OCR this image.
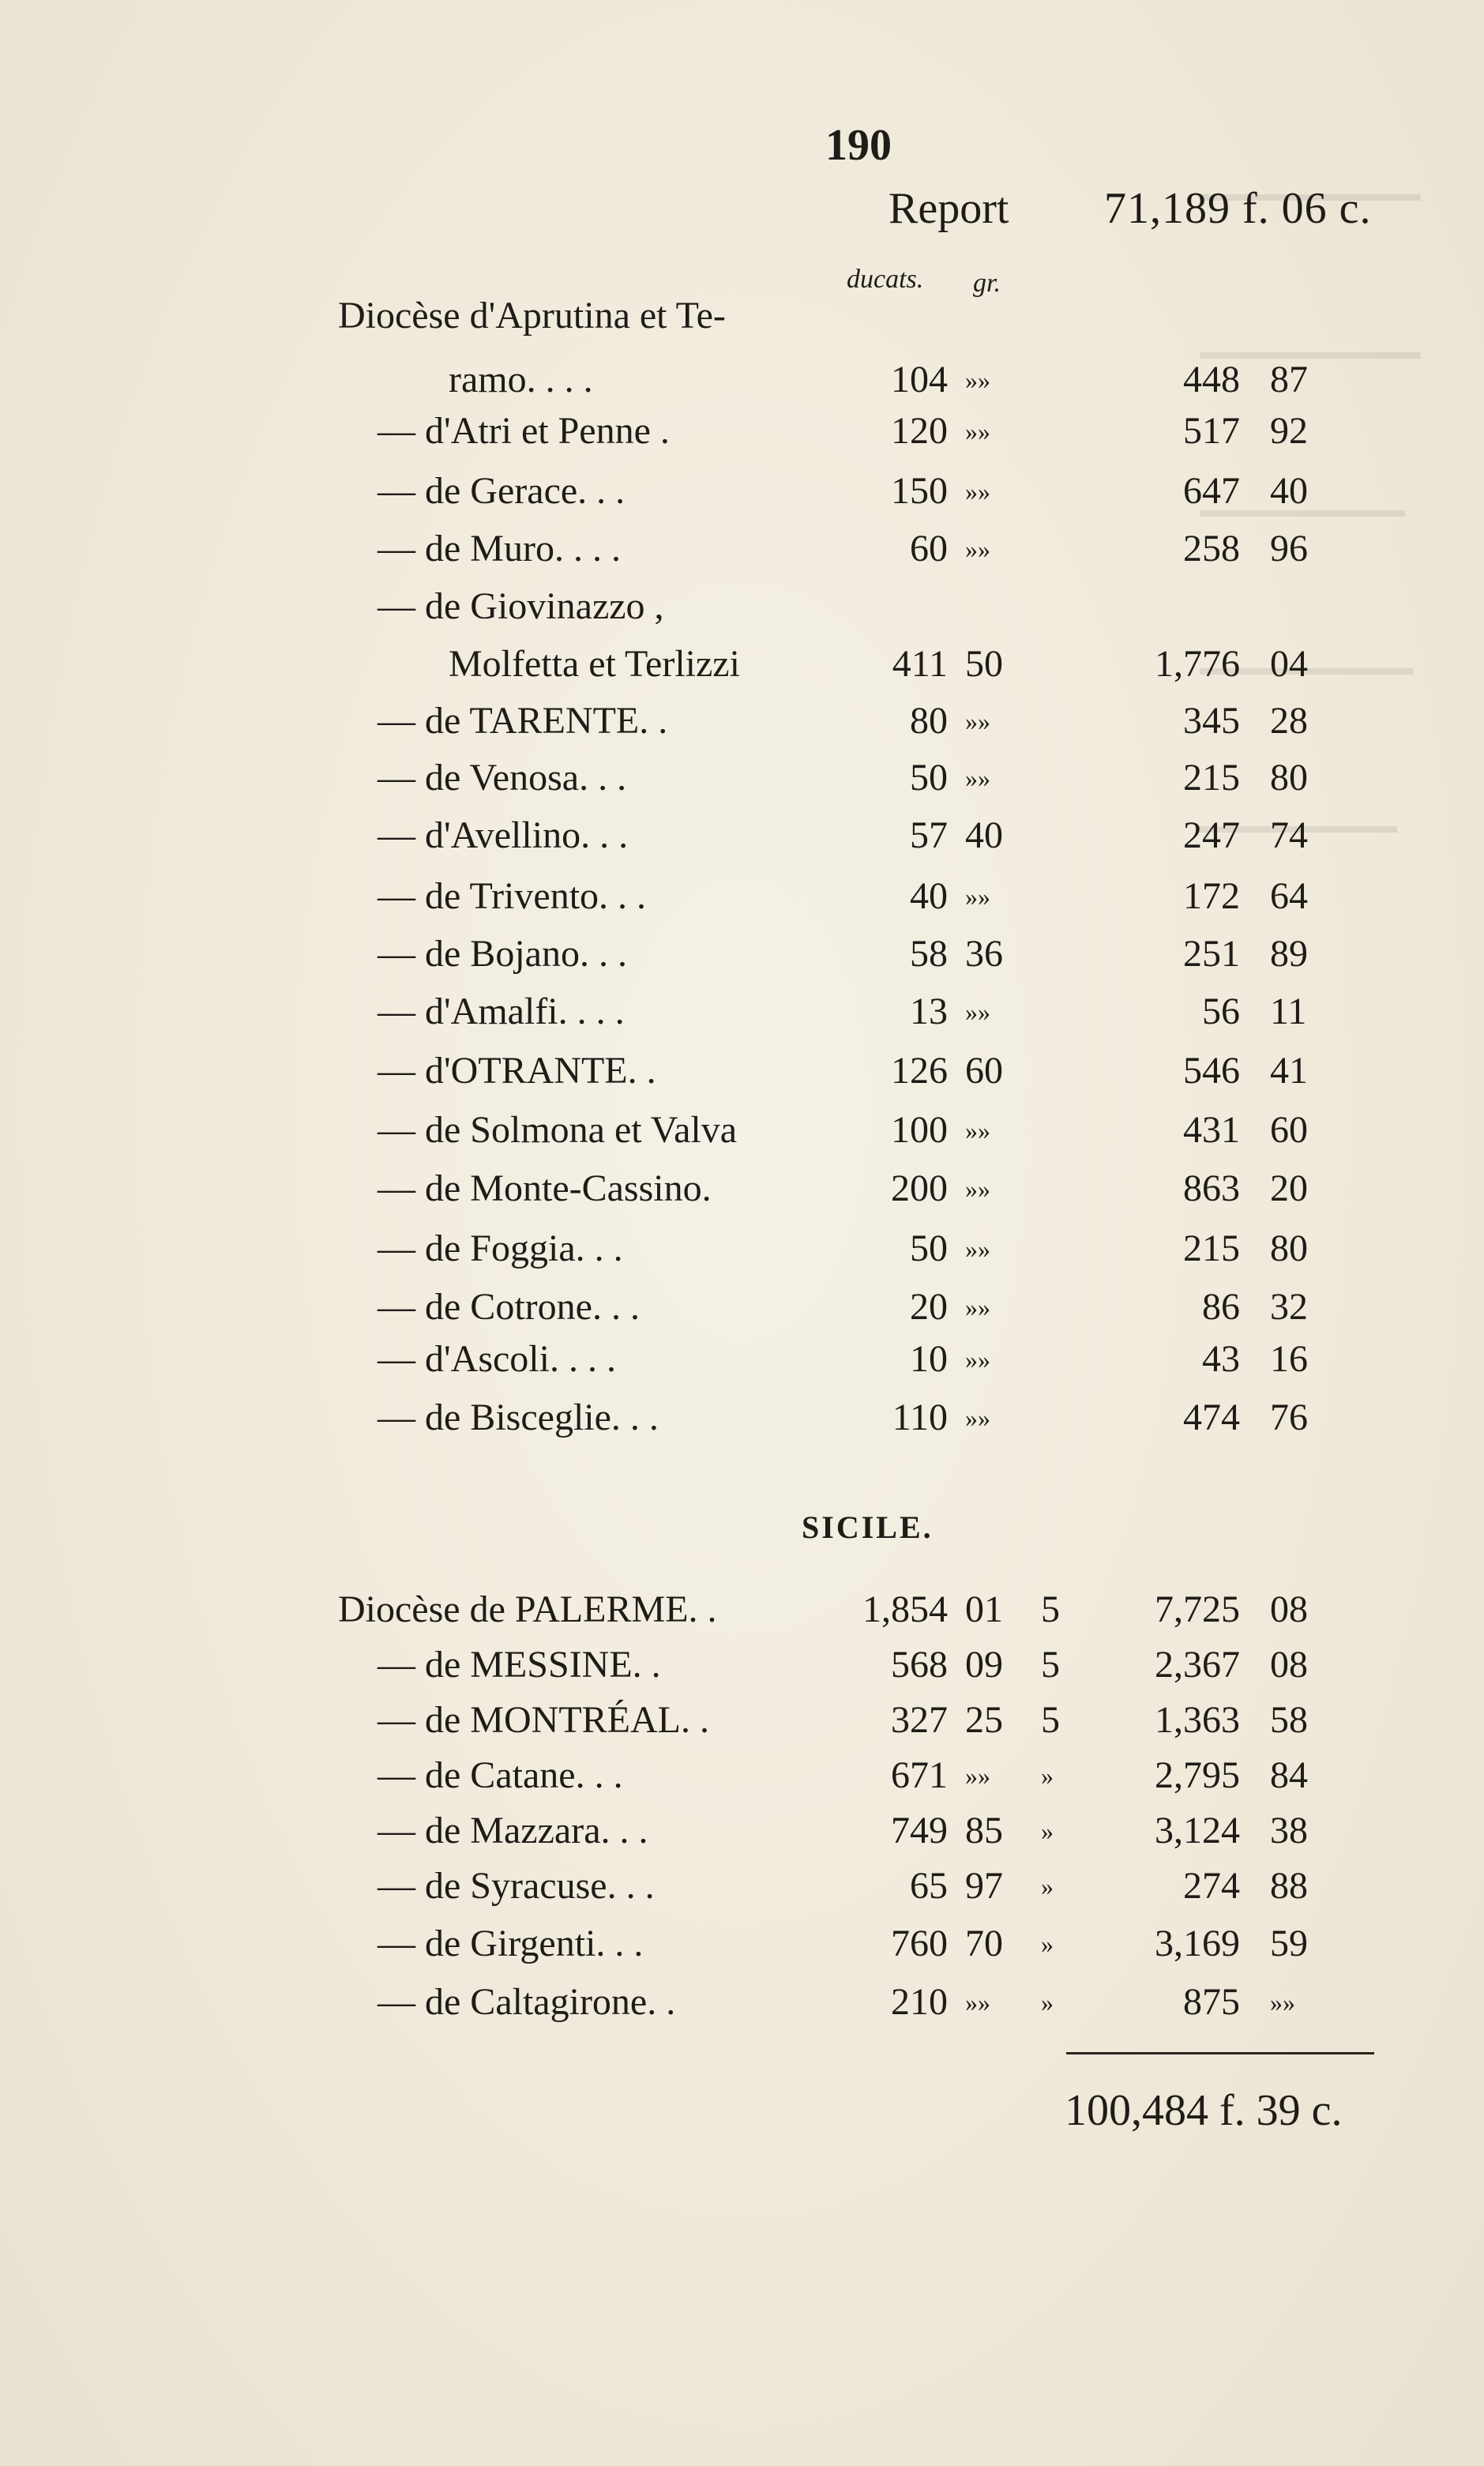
190
Report 71,189 f. 06 c.
ducats. gr.
Diocèse d'Aprutina et Te-
ramo. . . .	104 »»	448 87
— d'Atri et Penne .	120 »»	517 92
— de Gerace. . .	150 »»	647 40
— de Muro. . . .	60 »»	258 96
— de Giovinazzo ,
Molfetta et Terlizzi	411 50	1,776 04
— de TARENTE. .	80 »»	345 28
— de Venosa. . .	50 »»	215 80
— d'Avellino. . .	57 40	247 74
— de Trivento. . .	40 »»	172 64
— de Bojano. . .	58 36	251 89
— d'Amalfi. . . .	13 »»	56 11
— d'OTRANTE. .	126 60	546 41
— de Solmona et Valva	100 »»	431 60
— de Monte-Cassino.	200 »»	863 20
— de Foggia. . .	50 »»	215 80
— de Cotrone. . .	20 »»	86 32
— d'Ascoli. . . .	10 »»	43 16
— de Bisceglie. . .	110 »»	474 76
SICILE.
Diocèse de PALERME. .	1,854 01 5	7,725 08
— de MESSINE. .	568 09 5	2,367 08
— de MONTRÉAL. .	327 25 5	1,363 58
— de Catane. . .	671 »» »	2,795 84
— de Mazzara. . .	749 85 »	3,124 38
— de Syracuse. . .	65 97 »	274 88
— de Girgenti. . .	760 70 »	3,169 59
— de Caltagirone. .	210 »» »	875 »»
100,484 f. 39 c.
